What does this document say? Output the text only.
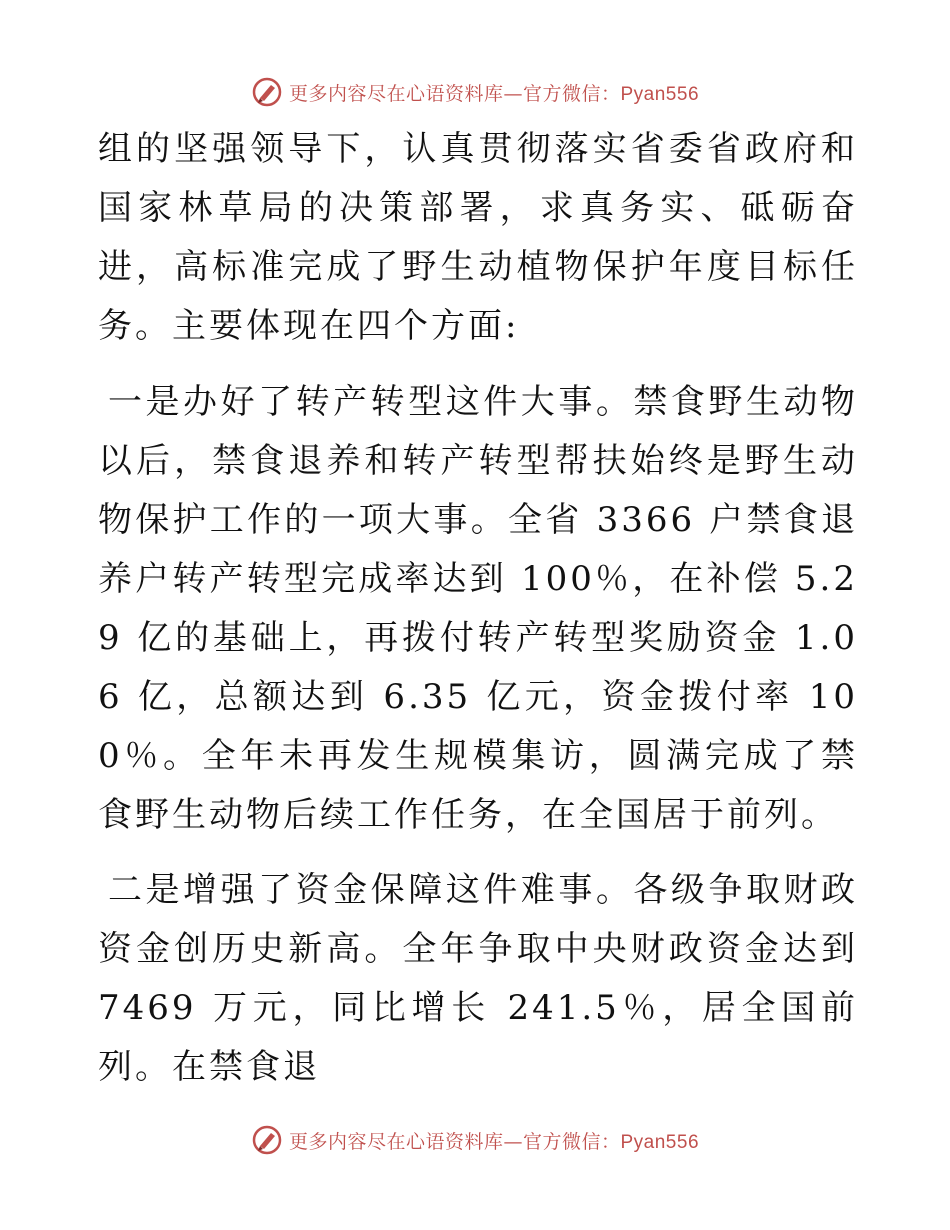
更多内容尽在心语资料库—官方微信：Pyan556

组的坚强领导下，认真贯彻落实省委省政府和国家林草局的决策部署，求真务实、砥砺奋进，高标准完成了野生动植物保护年度目标任务。主要体现在四个方面:

一是办好了转产转型这件大事。禁食野生动物以后，禁食退养和转产转型帮扶始终是野生动物保护工作的一项大事。全省 3366 户禁食退养户转产转型完成率达到 100％，在补偿 5.29 亿的基础上，再拨付转产转型奖励资金 1.06 亿，总额达到 6.35 亿元，资金拨付率 100％。全年未再发生规模集访，圆满完成了禁食野生动物后续工作任务，在全国居于前列。

二是增强了资金保障这件难事。各级争取财政资金创历史新高。全年争取中央财政资金达到 7469 万元，同比增长 241.5％，居全国前列。在禁食退

更多内容尽在心语资料库—官方微信：Pyan556
